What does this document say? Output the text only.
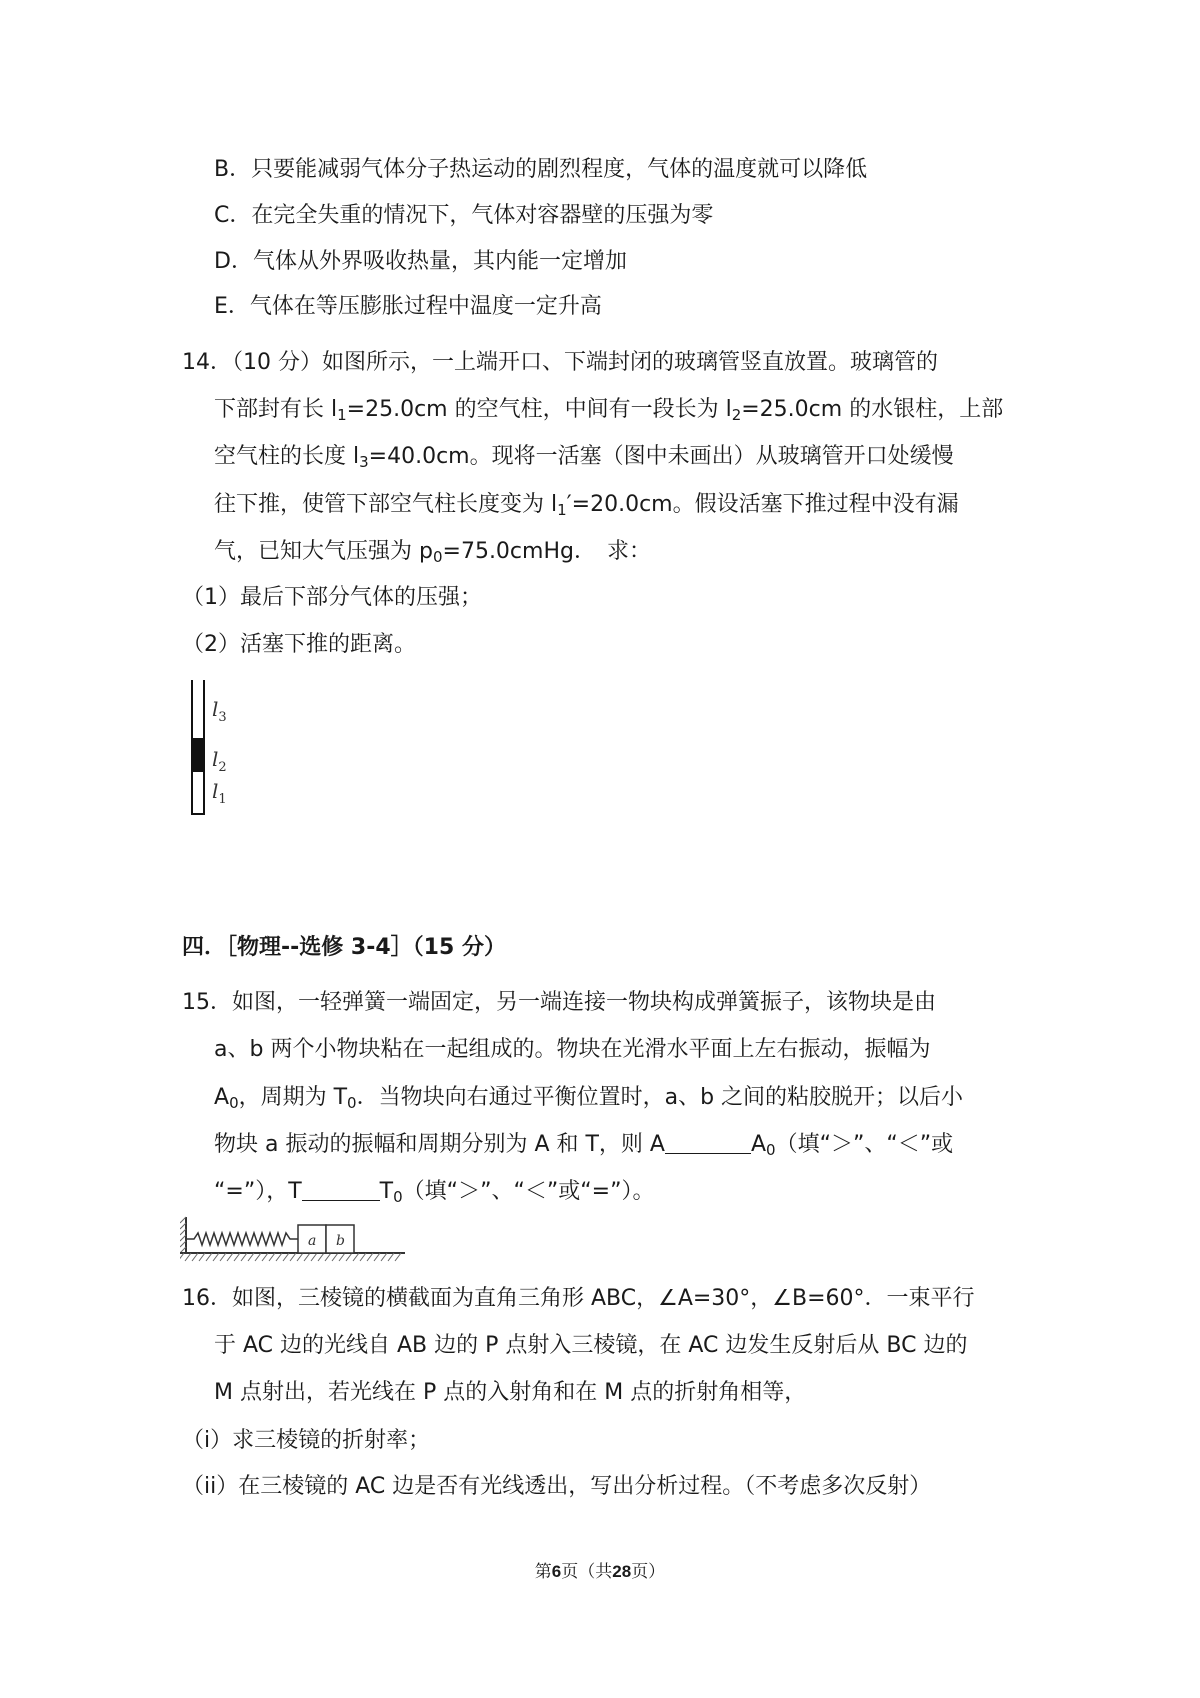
B．只要能减弱气体分子热运动的剧烈程度，气体的温度就可以降低
C．在完全失重的情况下，气体对容器壁的压强为零
D．气体从外界吸收热量，其内能一定增加
E．气体在等压膨胀过程中温度一定升高
14．（10 分）如图所示，一上端开口、下端封闭的玻璃管竖直放置。玻璃管的
下部封有长 $l_1=25.0cm$ 的空气柱，中间有一段长为 $l_2=25.0cm$ 的水银柱，上部
空气柱的长度 $l_3=40.0cm$。现将一活塞（图中未画出）从玻璃管开口处缓慢
往下推，使管下部空气柱长度变为 $l_1'=20.0cm$。假设活塞下推过程中没有漏
气，已知大气压强为 $p_0=75.0cmHg$．　求：
（1）最后下部分气体的压强；
（2）活塞下推的距离。
$l_3$
$l_2$
$l_1$
四．［物理--选修 3-4］（15 分）
15．如图，一轻弹簧一端固定，另一端连接一物块构成弹簧振子，该物块是由
a、b 两个小物块粘在一起组成的。物块在光滑水平面上左右振动，振幅为
$A_0$，周期为 $T_0$．当物块向右通过平衡位置时，a、b 之间的粘胶脱开；以后小
物块 a 振动的振幅和周期分别为 A 和 T，则 A	$A_0$（填“＞”、“＜”或
“=”），T	$T_0$（填“＞”、“＜”或“=”）。
a b
16．如图，三棱镜的横截面为直角三角形 ABC，∠A=30°，∠B=60°．一束平行
于 AC 边的光线自 AB 边的 P 点射入三棱镜，在 AC 边发生反射后从 BC 边的
M 点射出，若光线在 P 点的入射角和在 M 点的折射角相等，
（i）求三棱镜的折射率；
（ii）在三棱镜的 AC 边是否有光线透出，写出分析过程。（不考虑多次反射）
第6页（共28页）
